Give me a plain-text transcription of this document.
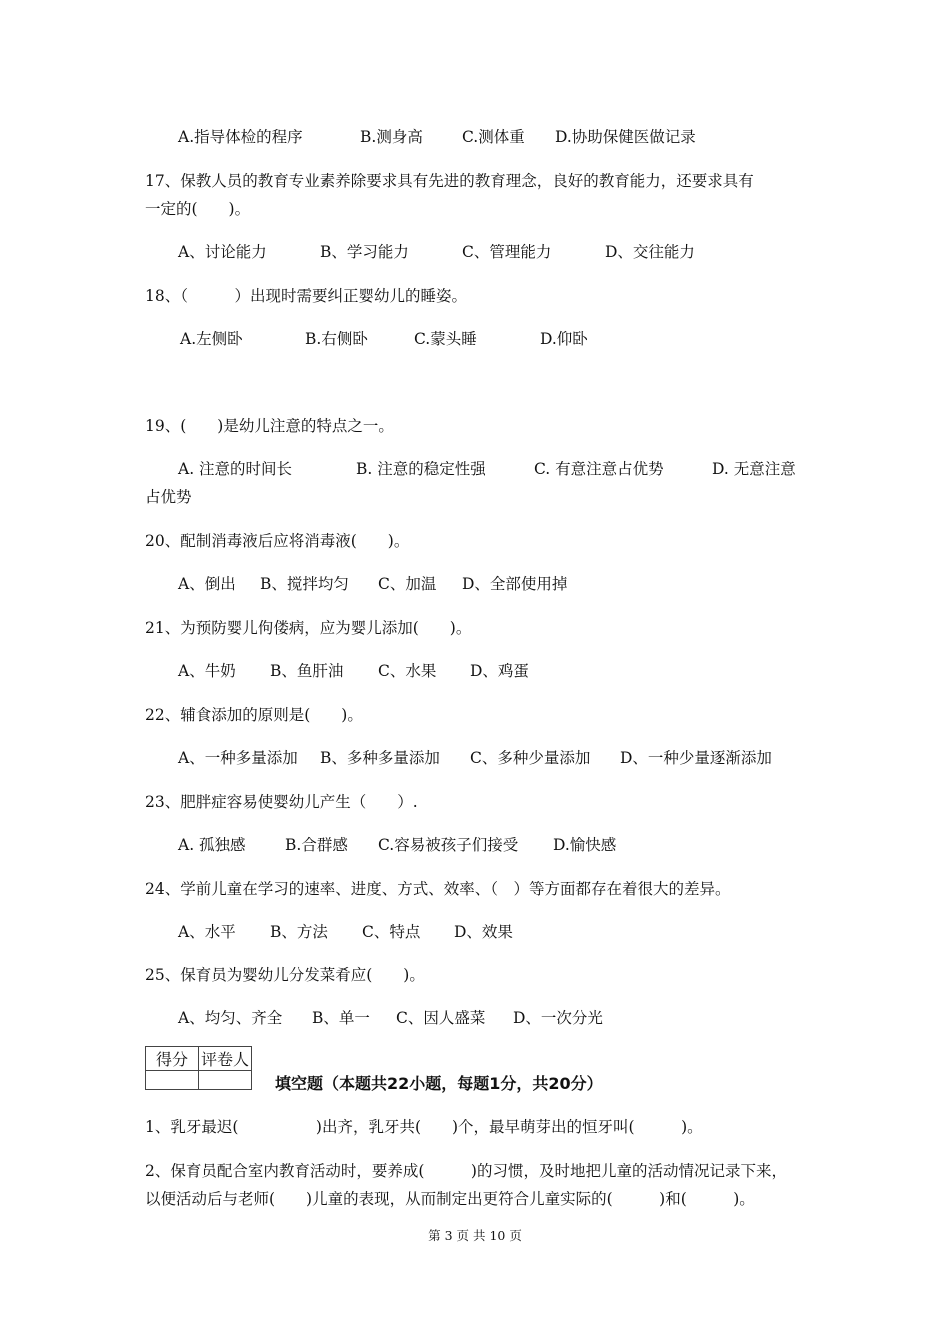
A.指导体检的程序	B.测身高	C.测体重 D.协助保健医做记录
17、保教人员的教育专业素养除要求具有先进的教育理念，良好的教育能力，还要求具有
一定的(　　)。
A、讨论能力	B、学习能力	C、管理能力	D、交往能力
18、（　　　）出现时需要纠正婴幼儿的睡姿。
A.左侧卧	B.右侧卧	C.蒙头睡	D.仰卧
19、(　　)是幼儿注意的特点之一。
A. 注意的时间长	B. 注意的稳定性强	C. 有意注意占优势	D. 无意注意
占优势
20、配制消毒液后应将消毒液(　　)。
A、倒出 B、搅拌均匀 C、加温 D、全部使用掉
21、为预防婴儿佝偻病，应为婴儿添加(　　)。
A、牛奶 B、鱼肝油 C、水果 D、鸡蛋
22、辅食添加的原则是(　　)。
A、一种多量添加 B、多种多量添加 C、多种少量添加 D、一种少量逐渐添加
23、肥胖症容易使婴幼儿产生（　　）.
A. 孤独感	B.合群感 C.容易被孩子们接受 D.愉快感
24、学前儿童在学习的速率、进度、方式、效率、（　）等方面都存在着很大的差异。
A、水平 B、方法 C、特点 D、效果
25、保育员为婴幼儿分发菜肴应(　　)。
A、均匀、齐全 B、单一 C、因人盛菜 D、一次分光
得分	评卷人

填空题（本题共22小题，每题1分，共20分）
1、乳牙最迟(　　　　　)出齐，乳牙共(　　)个，最早萌芽出的恒牙叫(　　　)。
2、保育员配合室内教育活动时，要养成(　　　)的习惯，及时地把儿童的活动情况记录下来，
以便活动后与老师(　　)儿童的表现，从而制定出更符合儿童实际的(　　　)和(　　　)。
第 3 页 共 10 页
